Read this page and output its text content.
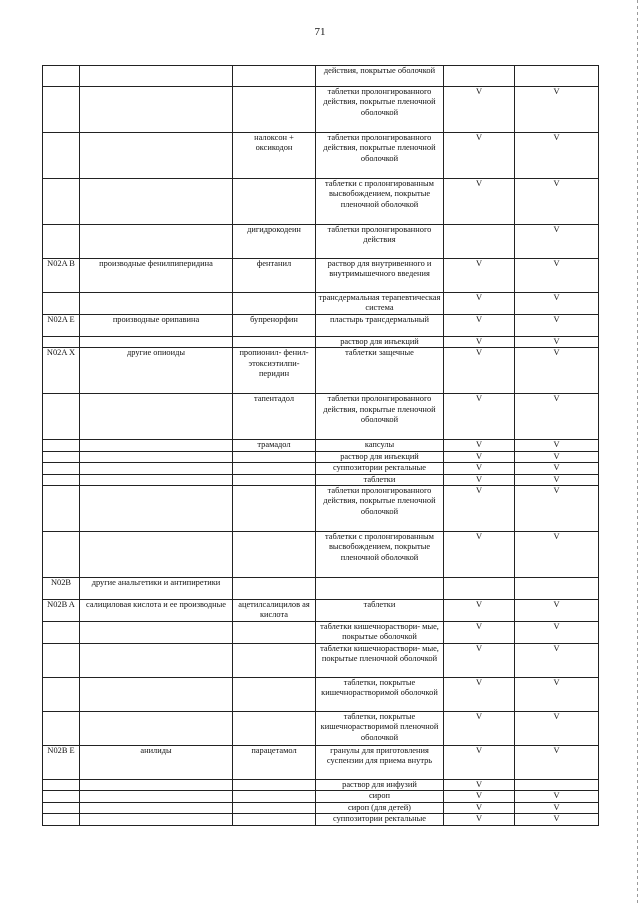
71
			действия, покрытые оболочкой		
			таблетки пролонгированного действия, покрытые пленочной оболочкой	V	V
		налоксон + оксикодон	таблетки пролонгированного действия, покрытые пленочной оболочкой	V	V
			таблетки с пролонгированным высвобождением, покрытые пленочной оболочкой	V	V
		дигидрокодеин	таблетки пролонгированного действия		V
N02A B	производные фенилпиперидина	фентанил	раствор для внутривенного и внутримышечного введения	V	V
			трансдермальная терапевтическая система	V	V
N02A E	производные орипавина	бупренорфин	пластырь трансдермальный	V	V
			раствор для инъекций	V	V
N02A X	другие опиоиды	пропионил- фенил- этоксиэтилпи- перидин	таблетки защечные	V	V
		тапентадол	таблетки пролонгированного действия, покрытые пленочной оболочкой	V	V
		трамадол	капсулы	V	V
			раствор для инъекций	V	V
			суппозитории ректальные	V	V
			таблетки	V	V
			таблетки пролонгированного действия, покрытые пленочной оболочкой	V	V
			таблетки с пролонгированным высвобождением, покрытые пленочной оболочкой	V	V
N02B	другие анальгетики и антипиретики				
N02B A	салициловая кислота и ее производные	ацетилсалицилов ая кислота	таблетки	V	V
			таблетки кишечнораствори- мые, покрытые оболочкой	V	V
			таблетки кишечнораствори- мые, покрытые пленочной оболочкой	V	V
			таблетки, покрытые кишечнорастворимой оболочкой	V	V
			таблетки, покрытые кишечнорастворимой пленочной оболочкой	V	V
N02B E	анилиды	парацетамол	гранулы для приготовления суспензии для приема внутрь	V	V
			раствор для инфузий	V	
			сироп	V	V
			сироп (для детей)	V	V
			суппозитории ректальные	V	V
